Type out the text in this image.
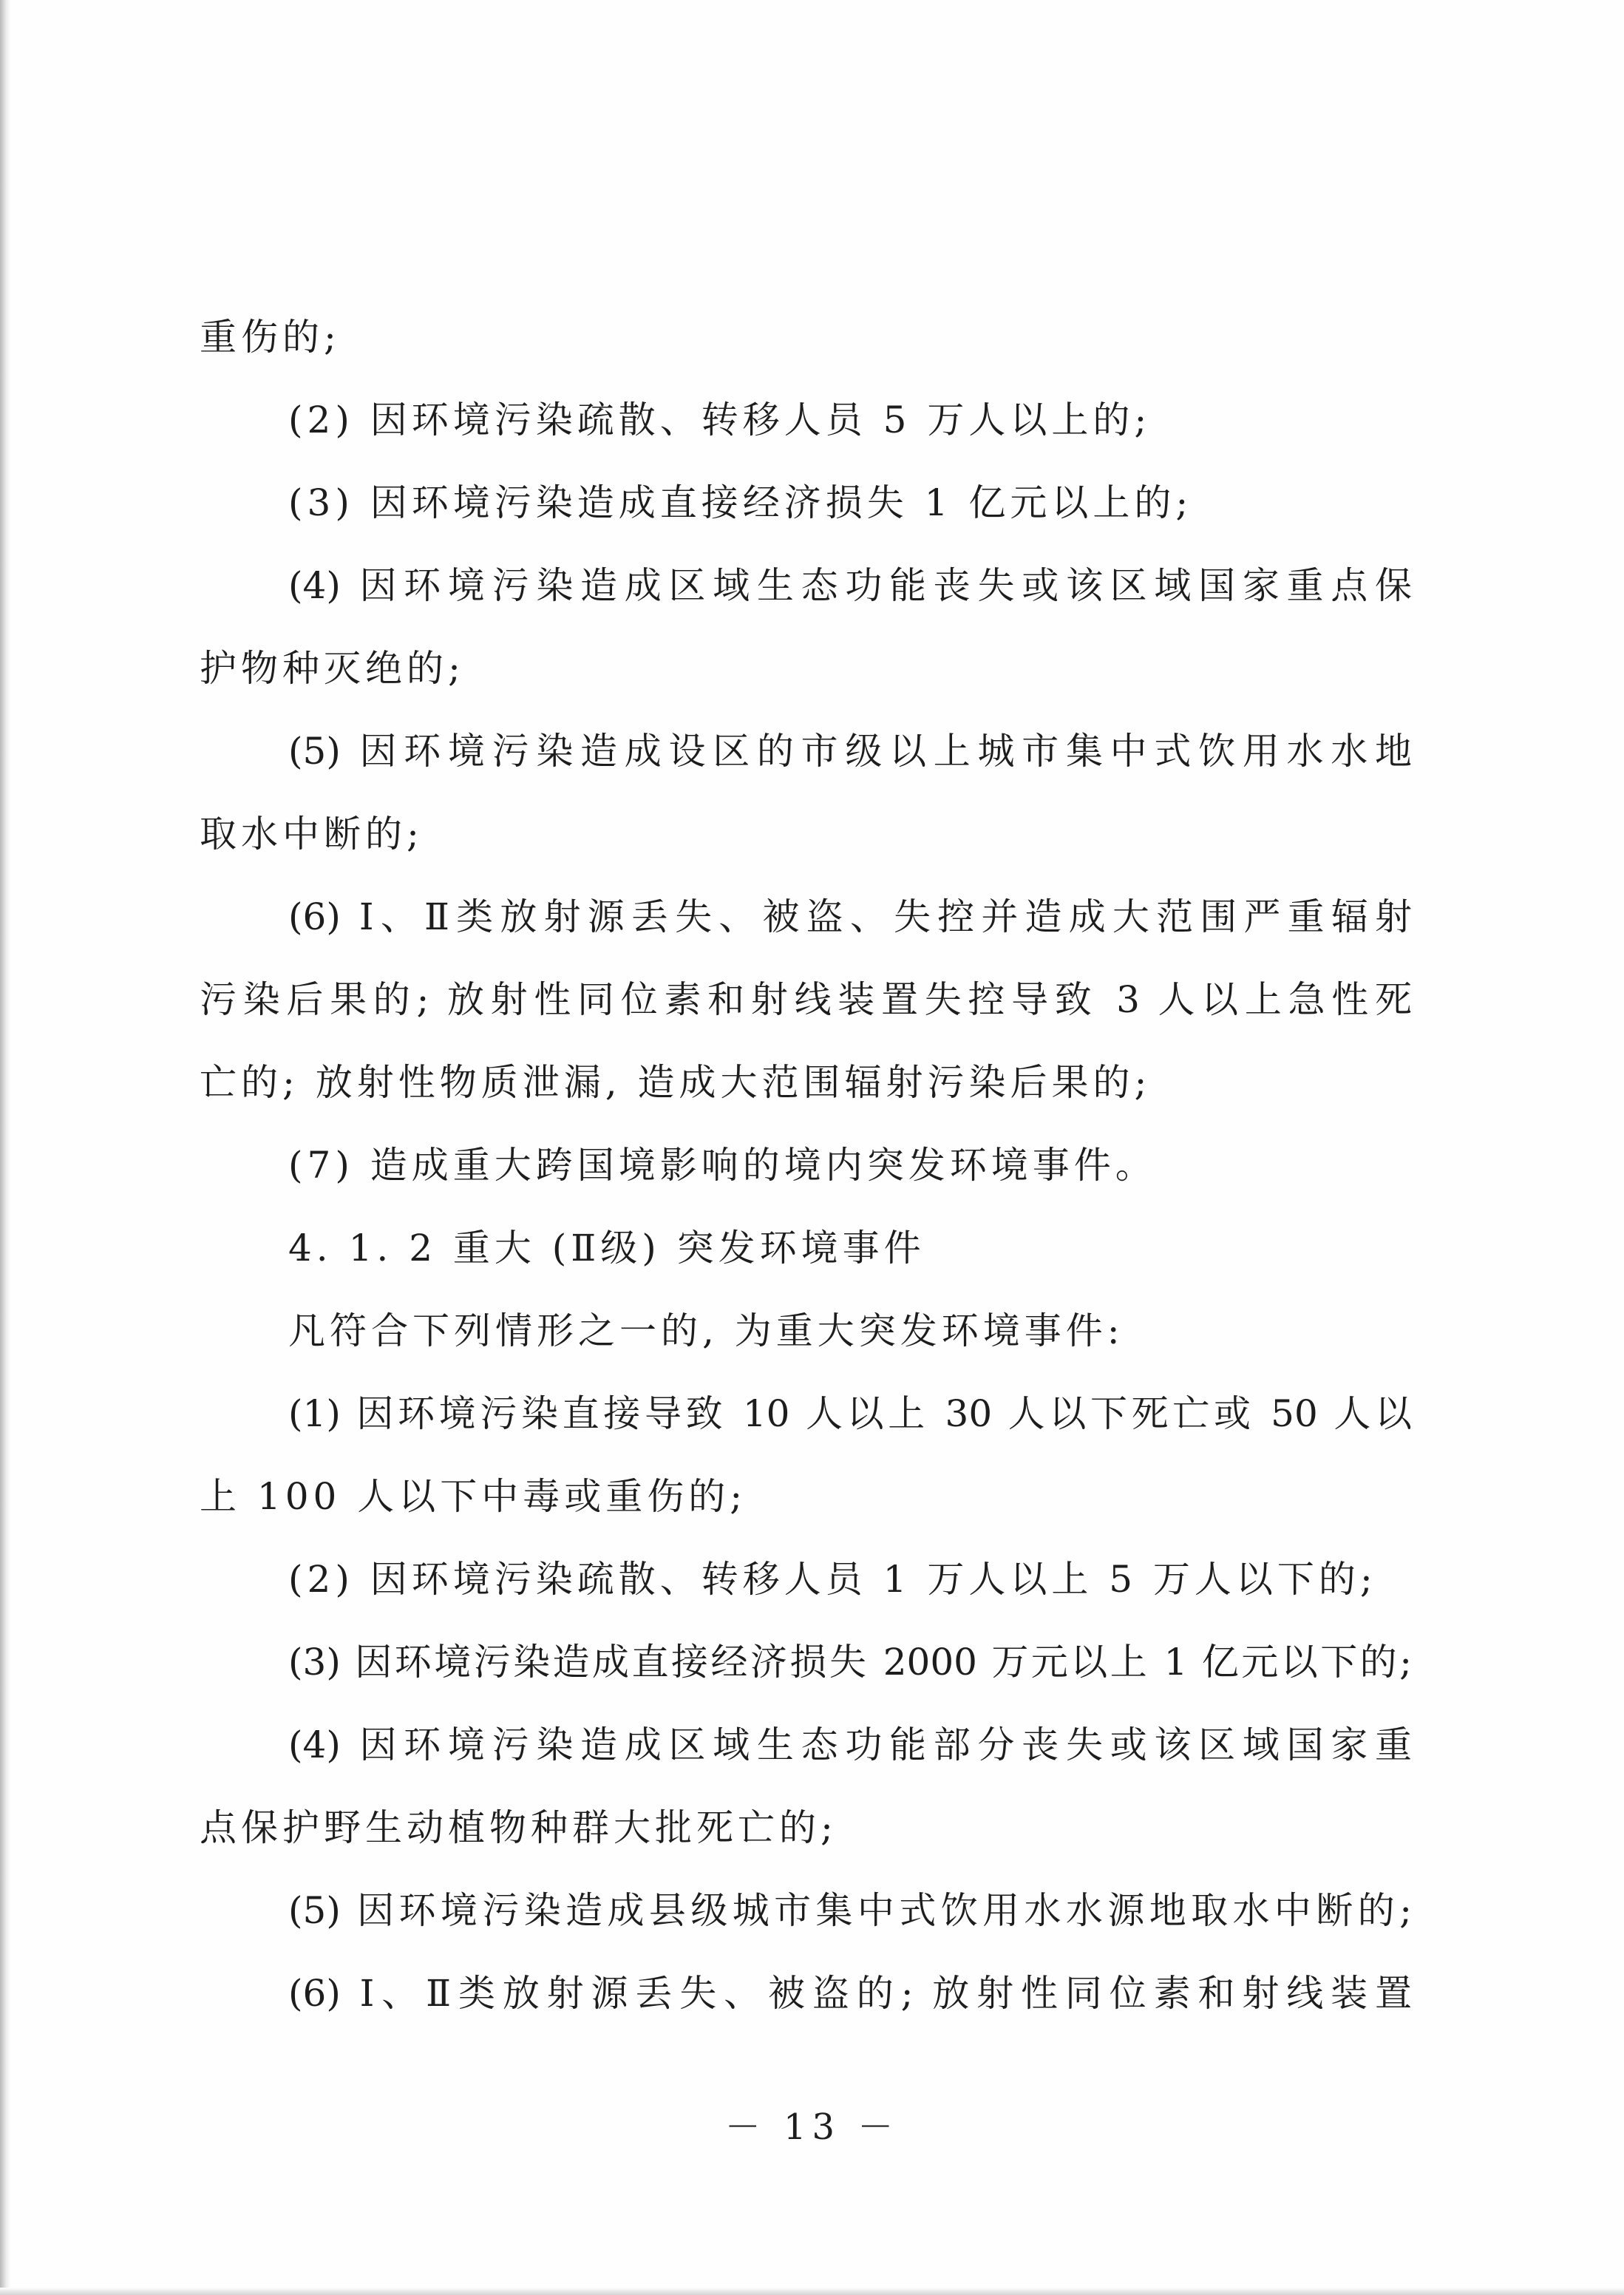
重伤的;
(2) 因环境污染疏散、转移人员 5 万人以上的;
(3) 因环境污染造成直接经济损失 1 亿元以上的;
(4) 因环境污染造成区域生态功能丧失或该区域国家重点保
护物种灭绝的;
(5) 因环境污染造成设区的市级以上城市集中式饮用水水地
取水中断的;
(6) Ⅰ、Ⅱ类放射源丢失、被盗、失控并造成大范围严重辐射
污染后果的; 放射性同位素和射线装置失控导致 3 人以上急性死
亡的; 放射性物质泄漏, 造成大范围辐射污染后果的;
(7) 造成重大跨国境影响的境内突发环境事件。
4. 1. 2 重大 (Ⅱ级) 突发环境事件
凡符合下列情形之一的, 为重大突发环境事件:
(1) 因环境污染直接导致 10 人以上 30 人以下死亡或 50 人以
上 100 人以下中毒或重伤的;
(2) 因环境污染疏散、转移人员 1 万人以上 5 万人以下的;
(3) 因环境污染造成直接经济损失 2000 万元以上 1 亿元以下的;
(4) 因环境污染造成区域生态功能部分丧失或该区域国家重
点保护野生动植物种群大批死亡的;
(5) 因环境污染造成县级城市集中式饮用水水源地取水中断的;
(6) Ⅰ、Ⅱ类放射源丢失、被盗的; 放射性同位素和射线装置
－ 13 －
